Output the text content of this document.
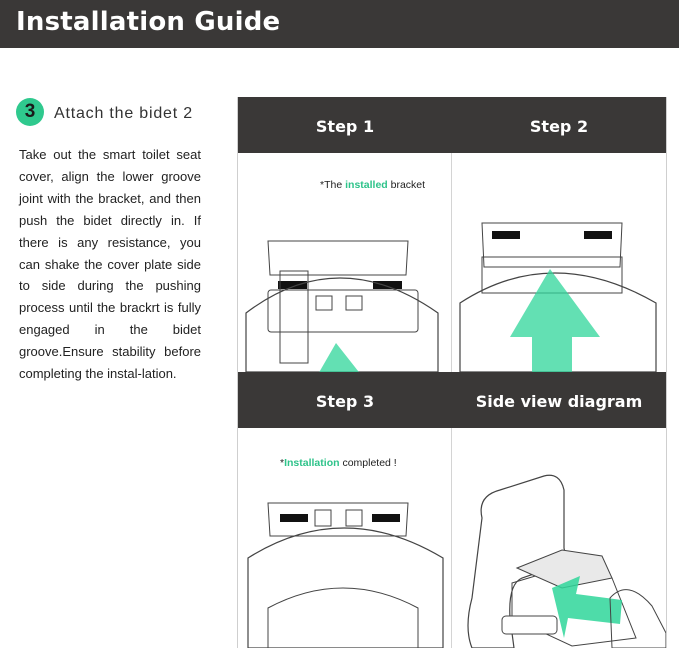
Installation Guide
3	Attach the bidet 2
Take out the smart toilet seat cover, align the lower groove joint with the bracket, and then push the bidet directly in. If there is any resistance, you can shake the cover plate side to side during the pushing process until the brackrt is fully engaged in the bidet groove.Ensure stability before completing the instal-lation.
Step 1
*The installed bracket
Step 2
Step 3
*Installation completed !
Side view diagram
